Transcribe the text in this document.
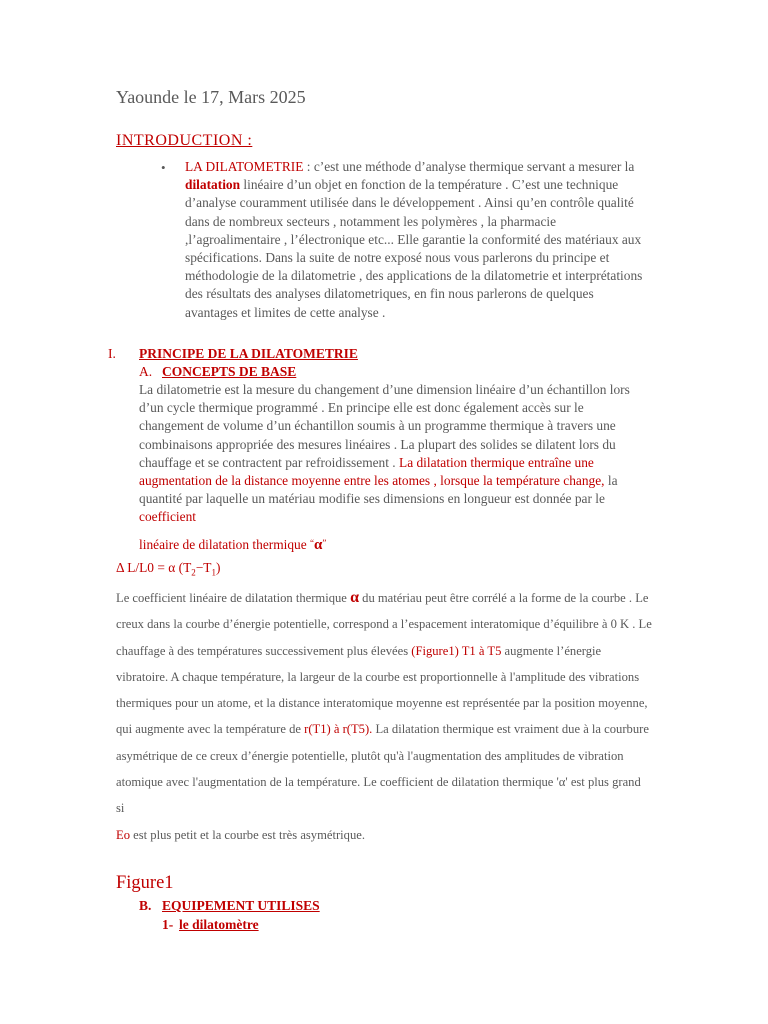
Yaounde le 17, Mars 2025
INTRODUCTION :
• LA DILATOMETRIE : c’est une méthode d’analyse thermique servant a mesurer la dilatation linéaire d’un objet en fonction de la température . C’est une technique d’analyse couramment utilisée dans le développement . Ainsi qu’en contrôle qualité dans de nombreux secteurs , notamment les polymères , la pharmacie ,l’agroalimentaire , l’électronique etc... Elle garantie la conformité des matériaux aux spécifications. Dans la suite de notre exposé nous vous parlerons du principe et méthodologie de la dilatometrie , des applications de la dilatometrie et interprétations des résultats des analyses dilatometriques, en fin nous parlerons de quelques avantages et limites de cette analyse .
I. PRINCIPE DE LA DILATOMETRIE
A. CONCEPTS DE BASE
La dilatometrie est la mesure du changement d’une dimension linéaire d’un échantillon lors d’un cycle thermique programmé . En principe elle est donc également accès sur le changement de volume d’un échantillon soumis à un programme thermique à travers une combinaisons appropriée des mesures linéaires . La plupart des solides se dilatent lors du chauffage et se contractent par refroidissement . La dilatation thermique entraîne une augmentation de la distance moyenne entre les atomes , lorsque la température change, la quantité par laquelle un matériau modifie ses dimensions en longueur est donnée par le coefficient
linéaire de dilatation thermique “α”
Δ L/L0 = α $(T_2-T_1)$
Le coefficient linéaire de dilatation thermique α du matériau peut être corrélé a la forme de la courbe . Le creux dans la courbe d’énergie potentielle, correspond a l’espacement interatomique d’équilibre à 0 K . Le chauffage à des températures successivement plus élevées (Figure1) T1 à T5 augmente l’énergie vibratoire. A chaque température, la largeur de la courbe est proportionnelle à l'amplitude des vibrations thermiques pour un atome, et la distance interatomique moyenne est représentée par la position moyenne, qui augmente avec la température de r(T1) à r(T5). La dilatation thermique est vraiment due à la courbure asymétrique de ce creux d’énergie potentielle, plutôt qu'à l'augmentation des amplitudes de vibration atomique avec l'augmentation de la température. Le coefficient de dilatation thermique 'α' est plus grand si
Eo est plus petit et la courbe est très asymétrique.
Figure1
B. EQUIPEMENT UTILISES
1- le dilatomètre
